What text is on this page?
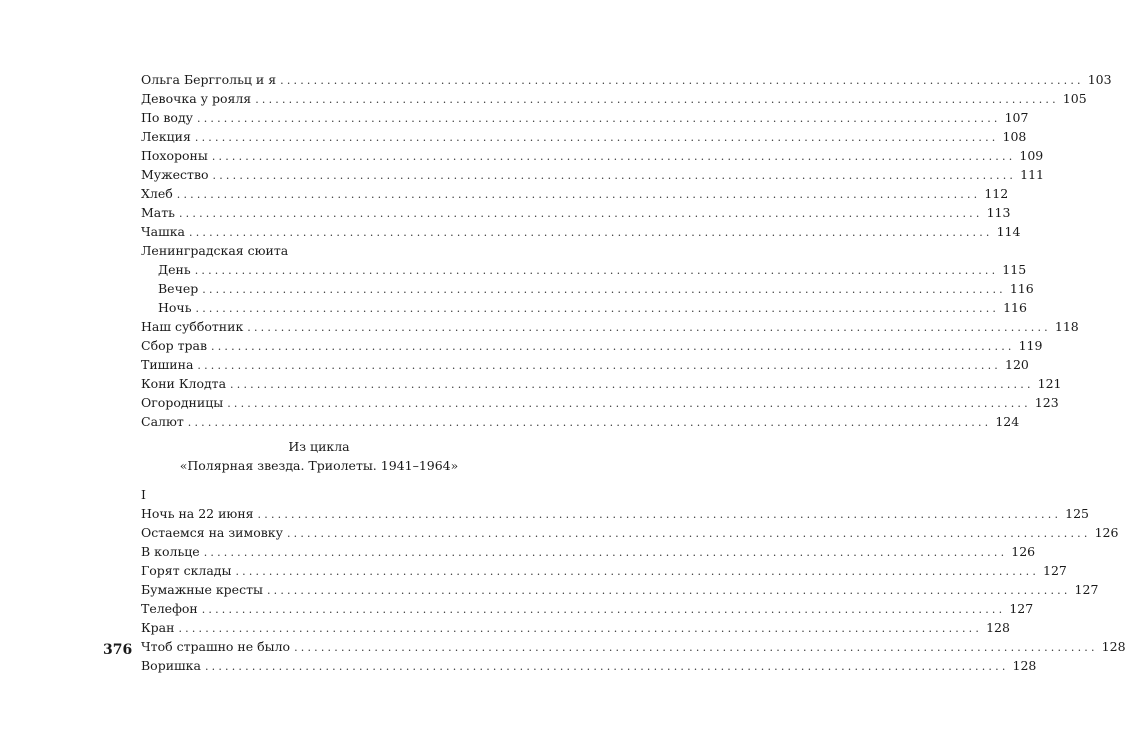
Ольга Берггольц и я ........................................................................................................................ 103
Девочка у рояля ........................................................................................................................ 105
По воду ........................................................................................................................ 107
Лекция ........................................................................................................................ 108
Похороны ........................................................................................................................ 109
Мужество ........................................................................................................................ 111
Хлеб ........................................................................................................................ 112
Мать ........................................................................................................................ 113
Чашка ........................................................................................................................ 114
Ленинградская сюита
День ........................................................................................................................ 115
Вечер ........................................................................................................................ 116
Ночь ........................................................................................................................ 116
Наш субботник ........................................................................................................................ 118
Сбор трав ........................................................................................................................ 119
Тишина ........................................................................................................................ 120
Кони Клодта ........................................................................................................................ 121
Огородницы ........................................................................................................................ 123
Салют ........................................................................................................................ 124
Из цикла
«Полярная звезда. Триолеты. 1941–1964»
I
Ночь на 22 июня ........................................................................................................................ 125
Остаемся на зимовку ........................................................................................................................ 126
В кольце ........................................................................................................................ 126
Горят склады ........................................................................................................................ 127
Бумажные кресты ........................................................................................................................ 127
Телефон ........................................................................................................................ 127
Кран ........................................................................................................................ 128
Чтоб страшно не было ........................................................................................................................ 128
Воришка ........................................................................................................................ 128
376
